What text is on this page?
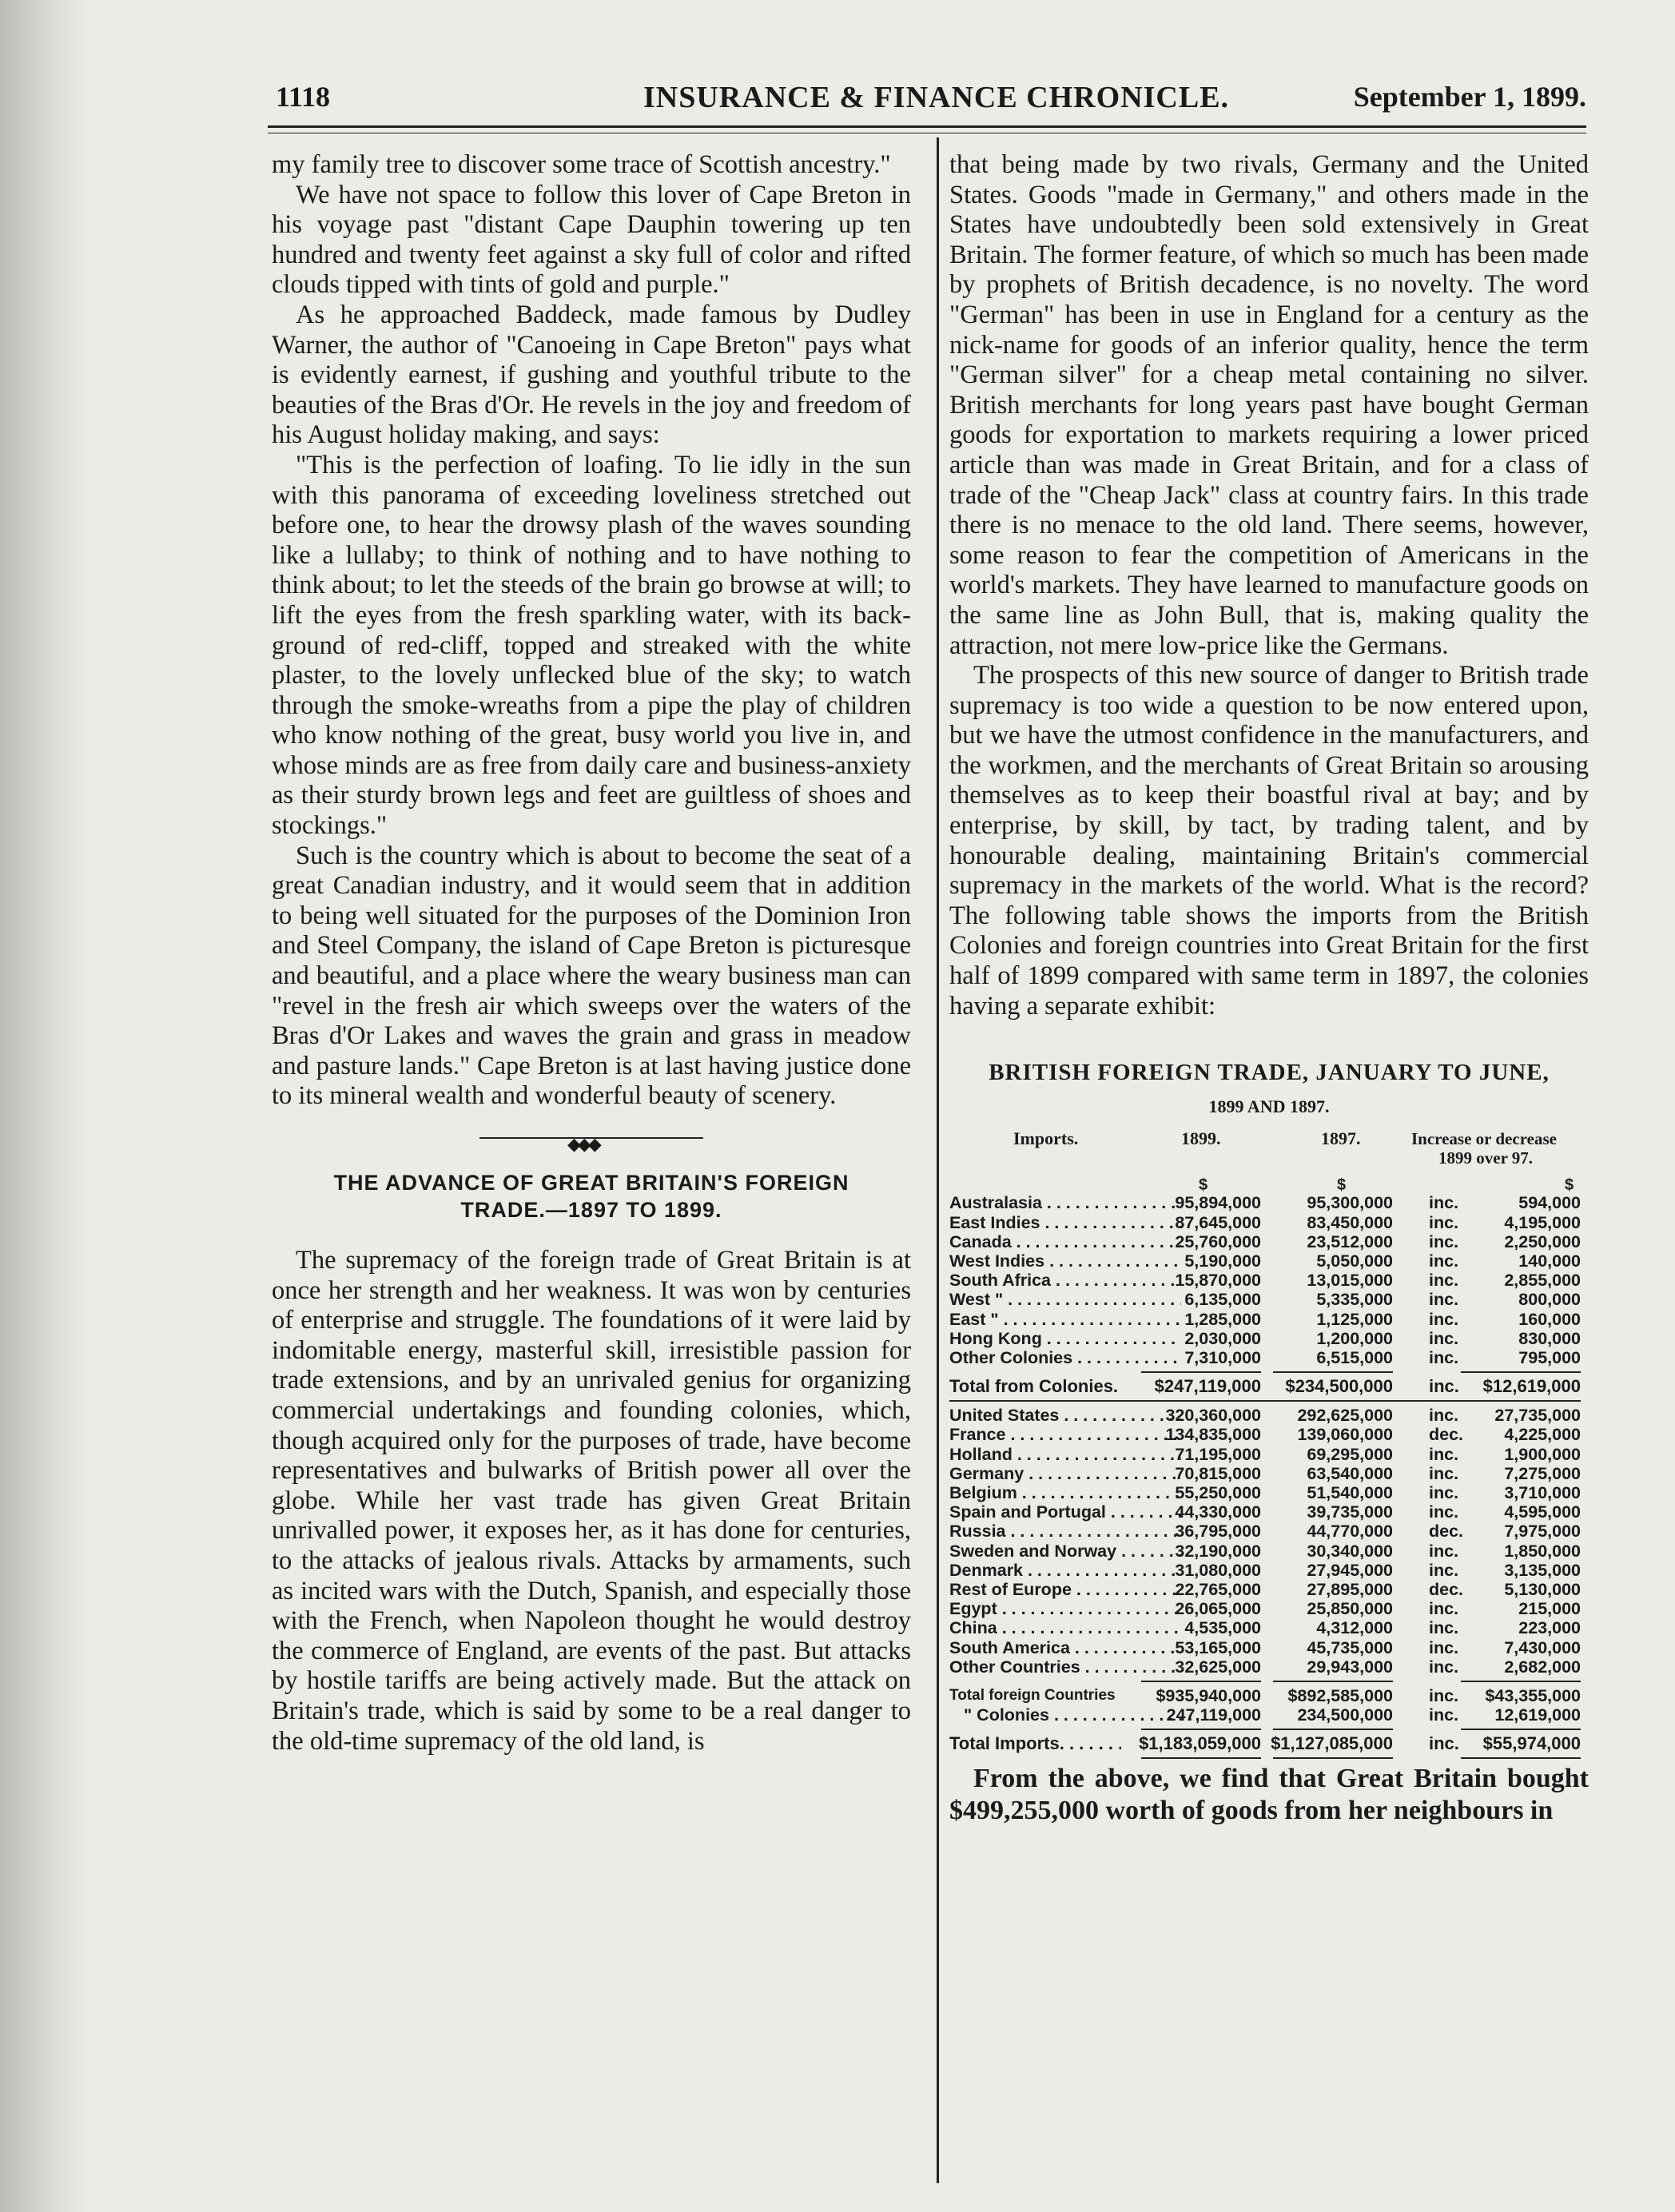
1118	INSURANCE & FINANCE CHRONICLE.	September 1, 1899.

my family tree to discover some trace of Scottish ancestry."

We have not space to follow this lover of Cape Breton in his voyage past "distant Cape Dauphin towering up ten hundred and twenty feet against a sky full of color and rifted clouds tipped with tints of gold and purple."

As he approached Baddeck, made famous by Dudley Warner, the author of "Canoeing in Cape Breton" pays what is evidently earnest, if gushing and youthful tribute to the beauties of the Bras d'Or. He revels in the joy and freedom of his August holiday making, and says:

"This is the perfection of loafing. To lie idly in the sun with this panorama of exceeding loveliness stretched out before one, to hear the drowsy plash of the waves sounding like a lullaby; to think of nothing and to have nothing to think about; to let the steeds of the brain go browse at will; to lift the eyes from the fresh sparkling water, with its back-ground of red-cliff, topped and streaked with the white plaster, to the lovely unflecked blue of the sky; to watch through the smoke-wreaths from a pipe the play of children who know nothing of the great, busy world you live in, and whose minds are as free from daily care and business-anxiety as their sturdy brown legs and feet are guiltless of shoes and stockings."

Such is the country which is about to become the seat of a great Canadian industry, and it would seem that in addition to being well situated for the purposes of the Dominion Iron and Steel Company, the island of Cape Breton is picturesque and beautiful, and a place where the weary business man can "revel in the fresh air which sweeps over the waters of the Bras d'Or Lakes and waves the grain and grass in meadow and pasture lands." Cape Breton is at last having justice done to its mineral wealth and wonderful beauty of scenery.

◆◆◆
THE ADVANCE OF GREAT BRITAIN'S FOREIGN
TRADE.—1897 TO 1899.

The supremacy of the foreign trade of Great Britain is at once her strength and her weakness. It was won by centuries of enterprise and struggle. The foundations of it were laid by indomitable energy, masterful skill, irresistible passion for trade extensions, and by an unrivaled genius for organizing commercial undertakings and founding colonies, which, though acquired only for the purposes of trade, have become representatives and bulwarks of British power all over the globe. While her vast trade has given Great Britain unrivalled power, it exposes her, as it has done for centuries, to the attacks of jealous rivals. Attacks by armaments, such as incited wars with the Dutch, Spanish, and especially those with the French, when Napoleon thought he would destroy the commerce of England, are events of the past. But attacks by hostile tariffs are being actively made. But the attack on Britain's trade, which is said by some to be a real danger to the old-time supremacy of the old land, is

that being made by two rivals, Germany and the United States. Goods "made in Germany," and others made in the States have undoubtedly been sold extensively in Great Britain. The former feature, of which so much has been made by prophets of British decadence, is no novelty. The word "German" has been in use in England for a century as the nick-name for goods of an inferior quality, hence the term "German silver" for a cheap metal containing no silver. British merchants for long years past have bought German goods for exportation to markets requiring a lower priced article than was made in Great Britain, and for a class of trade of the "Cheap Jack" class at country fairs. In this trade there is no menace to the old land. There seems, however, some reason to fear the competition of Americans in the world's markets. They have learned to manufacture goods on the same line as John Bull, that is, making quality the attraction, not mere low-price like the Germans.

The prospects of this new source of danger to British trade supremacy is too wide a question to be now entered upon, but we have the utmost confidence in the manufacturers, and the workmen, and the merchants of Great Britain so arousing themselves as to keep their boastful rival at bay; and by enterprise, by skill, by tact, by trading talent, and by honourable dealing, maintaining Britain's commercial supremacy in the markets of the world. What is the record? The following table shows the imports from the British Colonies and foreign countries into Great Britain for the first half of 1899 compared with same term in 1897, the colonies having a separate exhibit:

BRITISH FOREIGN TRADE, JANUARY TO JUNE,
1899 AND 1897.
Imports.	1899.	1897.	Increase or decrease
1899 over 97.
$	$	$
Australasia . . .	95,894,000	95,300,000 inc.	594,000
East Indies . . .	87,645,000	83,450,000 inc.	4,195,000
Canada . . .	25,760,000	23,512,000 inc.	2,250,000
West Indies . . .	5,190,000	5,050,000 inc.	140,000
South Africa . . .	15,870,000	13,015,000 inc.	2,855,000
West " . . .	6,135,000	5,335,000 inc.	800,000
East " . . .	1,285,000	1,125,000 inc.	160,000
Hong Kong . . .	2,030,000	1,200,000 inc.	830,000
Other Colonies . . .	7,310,000	6,515,000 inc.	795,000
Total from Colonies.	$247,119,000	$234,500,000 inc.	$12,619,000
United States . . .	320,360,000	292,625,000 inc.	27,735,000
France . . .	134,835,000	139,060,000 dec.	4,225,000
Holland . . .	71,195,000	69,295,000 inc.	1,900,000
Germany . . .	70,815,000	63,540,000 inc.	7,275,000
Belgium . . .	55,250,000	51,540,000 inc.	3,710,000
Spain and Portugal . . .	44,330,000	39,735,000 inc.	4,595,000
Russia . . .	36,795,000	44,770,000 dec.	7,975,000
Sweden and Norway . . .	32,190,000	30,340,000 inc.	1,850,000
Denmark . . .	31,080,000	27,945,000 inc.	3,135,000
Rest of Europe . . .	22,765,000	27,895,000 dec.	5,130,000
Egypt . . .	26,065,000	25,850,000 inc.	215,000
China . . .	4,535,000	4,312,000 inc.	223,000
South America . . .	53,165,000	45,735,000 inc.	7,430,000
Other Countries . . .	32,625,000	29,943,000 inc.	2,682,000
Total foreign Countries	$935,940,000	$892,585,000 inc.	$43,355,000
" Colonies . . .	247,119,000	234,500,000 inc.	12,619,000
Total Imports. . . .	$1,183,059,000 $1,127,085,000 inc.	$55,974,000

From the above, we find that Great Britain bought $499,255,000 worth of goods from her neighbours in
